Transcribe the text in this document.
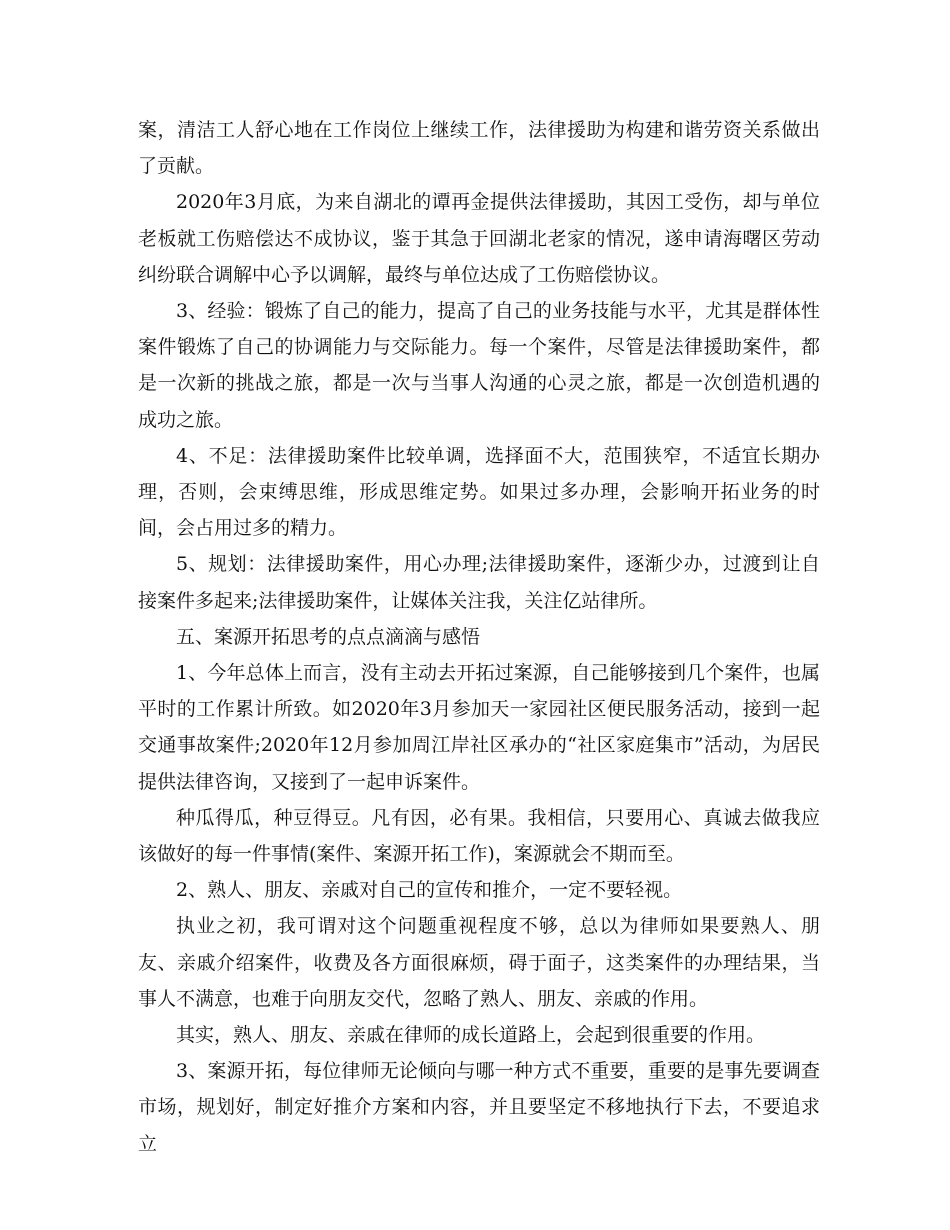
案，清洁工人舒心地在工作岗位上继续工作，法律援助为构建和谐劳资关系做出了贡献。

2020年3月底，为来自湖北的谭再金提供法律援助，其因工受伤，却与单位老板就工伤赔偿达不成协议，鉴于其急于回湖北老家的情况，遂申请海曙区劳动纠纷联合调解中心予以调解，最终与单位达成了工伤赔偿协议。

3、经验：锻炼了自己的能力，提高了自己的业务技能与水平，尤其是群体性案件锻炼了自己的协调能力与交际能力。每一个案件，尽管是法律援助案件，都是一次新的挑战之旅，都是一次与当事人沟通的心灵之旅，都是一次创造机遇的成功之旅。

4、不足：法律援助案件比较单调，选择面不大，范围狭窄，不适宜长期办理，否则，会束缚思维，形成思维定势。如果过多办理，会影响开拓业务的时间，会占用过多的精力。

5、规划：法律援助案件，用心办理;法律援助案件，逐渐少办，过渡到让自接案件多起来;法律援助案件，让媒体关注我，关注亿站律所。

五、案源开拓思考的点点滴滴与感悟

1、今年总体上而言，没有主动去开拓过案源，自己能够接到几个案件，也属平时的工作累计所致。如2020年3月参加天一家园社区便民服务活动，接到一起交通事故案件;2020年12月参加周江岸社区承办的“社区家庭集市”活动，为居民提供法律咨询，又接到了一起申诉案件。

种瓜得瓜，种豆得豆。凡有因，必有果。我相信，只要用心、真诚去做我应该做好的每一件事情(案件、案源开拓工作)，案源就会不期而至。

2、熟人、朋友、亲戚对自己的宣传和推介，一定不要轻视。

执业之初，我可谓对这个问题重视程度不够，总以为律师如果要熟人、朋友、亲戚介绍案件，收费及各方面很麻烦，碍于面子，这类案件的办理结果，当事人不满意，也难于向朋友交代，忽略了熟人、朋友、亲戚的作用。

其实，熟人、朋友、亲戚在律师的成长道路上，会起到很重要的作用。

3、案源开拓，每位律师无论倾向与哪一种方式不重要，重要的是事先要调查市场，规划好，制定好推介方案和内容，并且要坚定不移地执行下去，不要追求立
